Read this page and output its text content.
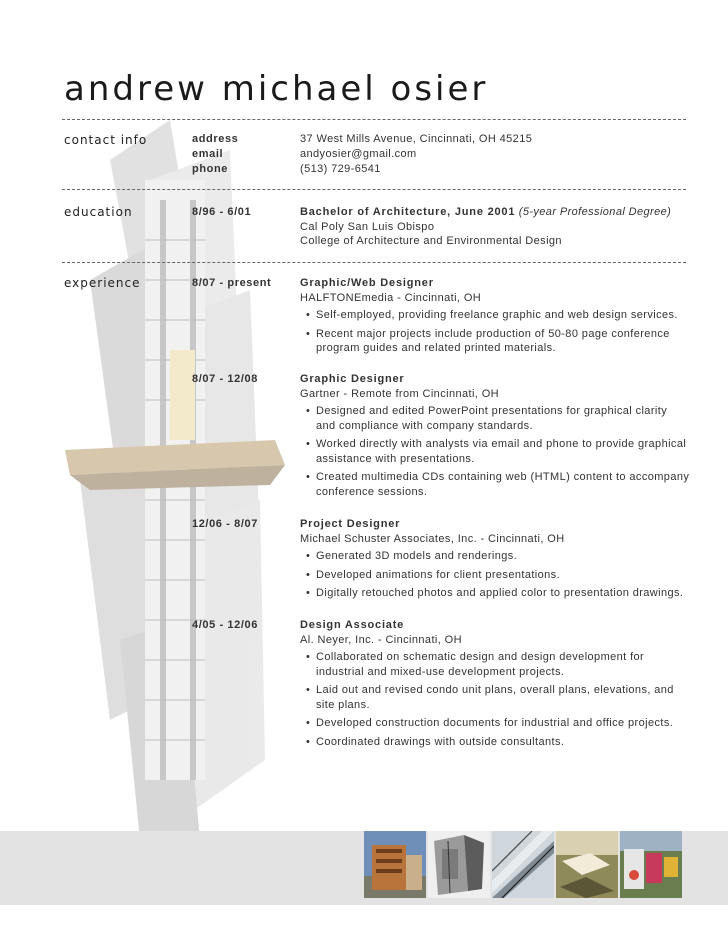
andrew michael osier
contact info	address	37 West Mills Avenue, Cincinnati, OH 45215
email	andyosier@gmail.com
phone	(513) 729-6541
education	8/96 - 6/01	Bachelor of Architecture, June 2001 (5-year Professional Degree)
Cal Poly San Luis Obispo
College of Architecture and Environmental Design
experience	8/07 - present	Graphic/Web Designer
HALFTONEmedia - Cincinnati, OH
• Self-employed, providing freelance graphic and web design services.
• Recent major projects include production of 50-80 page conference program guides and related printed materials.
8/07 - 12/08	Graphic Designer
Gartner - Remote from Cincinnati, OH
• Designed and edited PowerPoint presentations for graphical clarity and compliance with company standards.
• Worked directly with analysts via email and phone to provide graphical assistance with presentations.
• Created multimedia CDs containing web (HTML) content to accompany conference sessions.
12/06 - 8/07	Project Designer
Michael Schuster Associates, Inc. - Cincinnati, OH
• Generated 3D models and renderings.
• Developed animations for client presentations.
• Digitally retouched photos and applied color to presentation drawings.
4/05 - 12/06	Design Associate
Al. Neyer, Inc. - Cincinnati, OH
• Collaborated on schematic design and design development for industrial and mixed-use development projects.
• Laid out and revised condo unit plans, overall plans, elevations, and site plans.
• Developed construction documents for industrial and office projects.
• Coordinated drawings with outside consultants.
